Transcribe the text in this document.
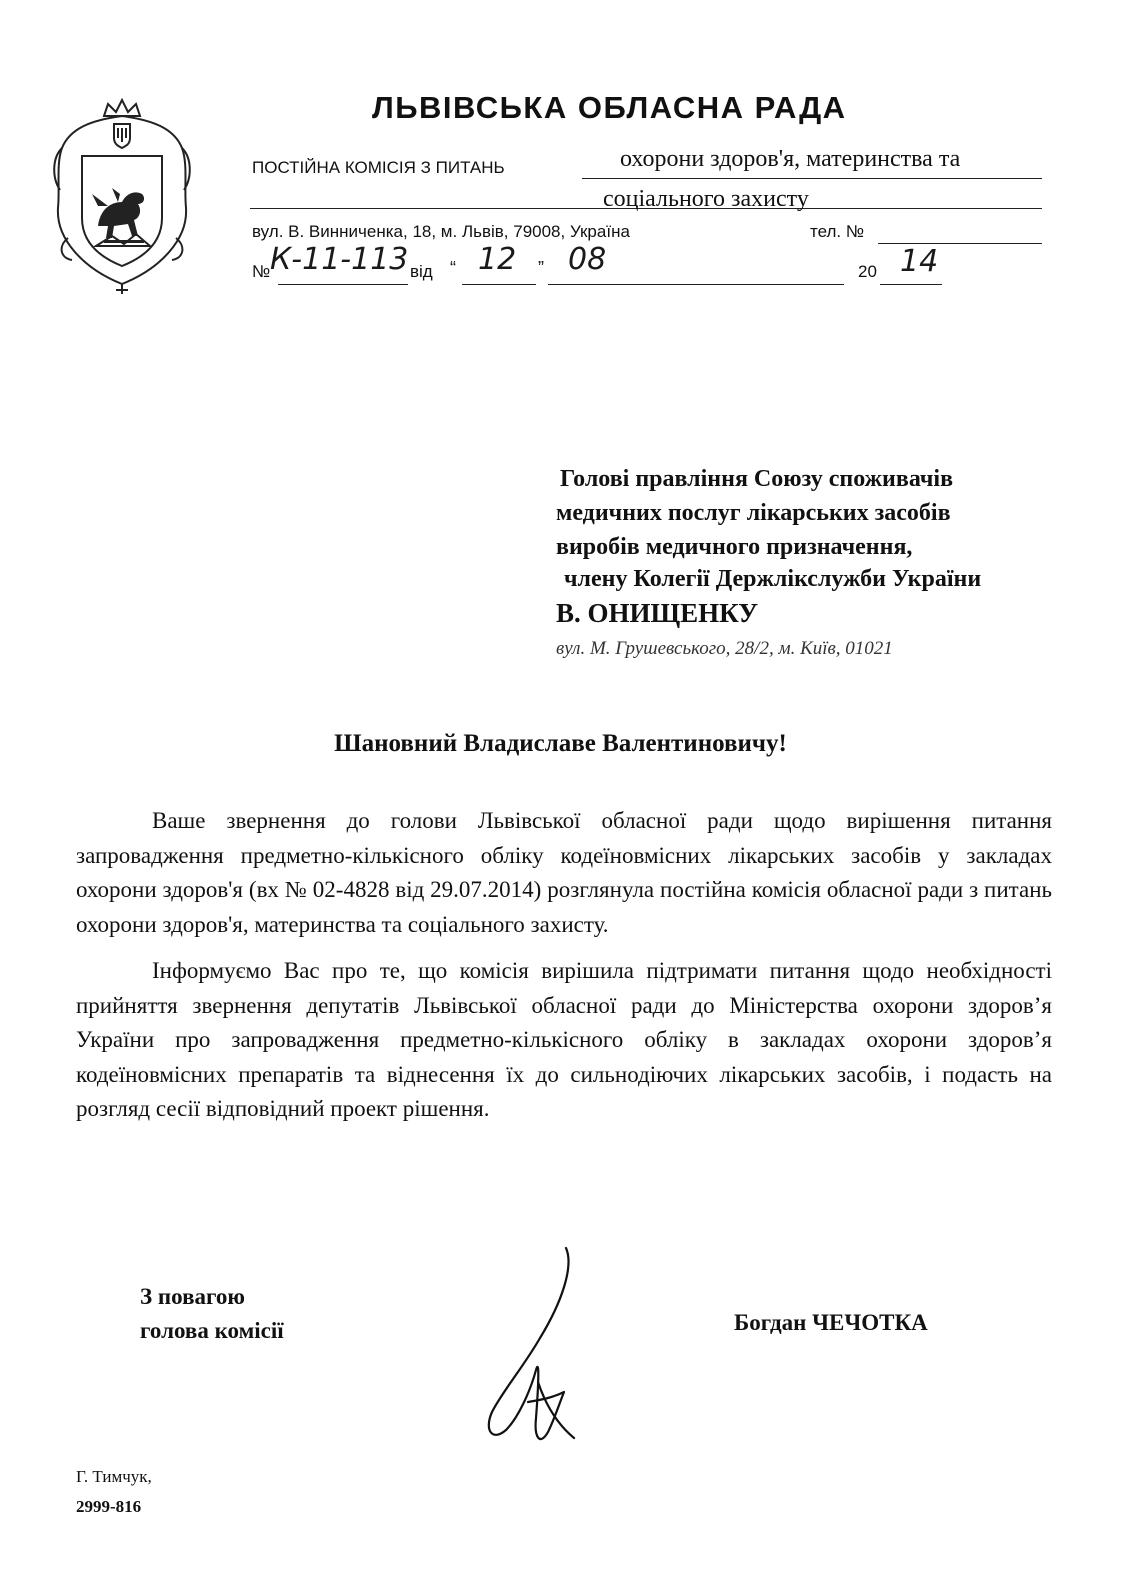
ЛЬВІВСЬКА ОБЛАСНА РАДА
ПОСТІЙНА КОМІСІЯ З ПИТАНЬ	охорони здоров'я, материнства та
соціального захисту
вул. В. Винниченка, 18, м. Львів, 79008, Україна	тел. №
№ К-11-113 від “ 12 ” 08	20 14
Голові правління Союзу споживачів
медичних послуг лікарських засобів
виробів медичного призначення,
члену Колегії Держлікслужби України
В. ОНИЩЕНКУ
вул. М. Грушевського, 28/2, м. Київ, 01021
Шановний Владиславе Валентиновичу!

Ваше звернення до голови Львівської обласної ради щодо вирішення питання запровадження предметно-кількісного обліку кодеїновмісних лікарських засобів у закладах охорони здоров'я (вх № 02-4828 від 29.07.2014) розглянула постійна комісія обласної ради з питань охорони здоров'я, материнства та соціального захисту.

Інформуємо Вас про те, що комісія вирішила підтримати питання щодо необхідності прийняття звернення депутатів Львівської обласної ради до Міністерства охорони здоров’я України про запровадження предметно-кількісного обліку в закладах охорони здоров’я кодеїновмісних препаратів та віднесення їх до сильнодіючих лікарських засобів, і подасть на розгляд сесії відповідний проект рішення.

З повагою
голова комісії	Богдан ЧЕЧОТКА
Г. Тимчук,
2999-816
